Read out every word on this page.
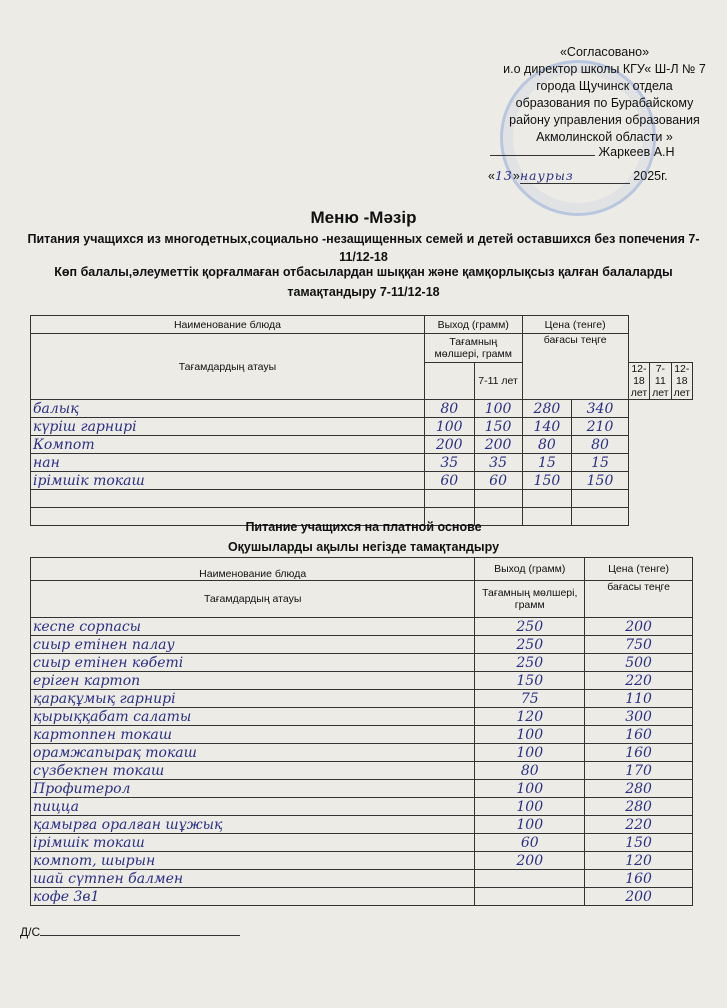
«Согласовано»
и.о директор школы КГУ« Ш-Л № 7
города Щучинск отдела
образования по Бурабайскому
району управления образования
Акмолинской области »
Жаркеев А.Н
«13»наурыз	2025г.
Меню -Мәзір
Питания учащихся из многодетных,социально -незащищенных семей и детей оставшихся без попечения 7-11/12-18
Көп балалы,әлеуметтік қорғалмаған отбасылардан шыққан және қамқорлықсыз қалған балаларды тамақтандыру 7-11/12-18
Наименование блюда	Выход (грамм)		Цена (тенге)				
Тағамдардың атауы	Тағамның мөлшері, грамм		бағасы теңге				
		7-11 лет			12-18 лет	7-11 лет	12-18 лет
балық	80	100	280	340			
күріш гарнирі	100	150	140	210			
Компот	200	200	80	80			
нан	35	35	15	15			
ірімшік токаш	60	60	150	150			

Питание учащихся на платной основе
Оқушыларды ақылы негізде тамақтандыру
Наименование блюда	Выход (грамм)	Цена (тенге)
Тағамдардың атауы	Тағамның мөлшері, грамм	бағасы теңге
кеспе сорпасы	250	200
сиыр етінен палау	250	750
сиыр етінен көбеті	250	500
еріген картоп	150	220
қарақұмық гарнирі	75	110
қырыққабат салаты	120	300
картоппен токаш	100	160
орамжапырақ токаш	100	160
сүзбекпен токаш	80	170
Профитерол	100	280
пицца	100	280
қамырға оралған шұжық	100	220
ірімшік токаш	60	150
компот, шырын	200	120
шай сүтпен балмен		160
кофе 3в1		200
Д/С
